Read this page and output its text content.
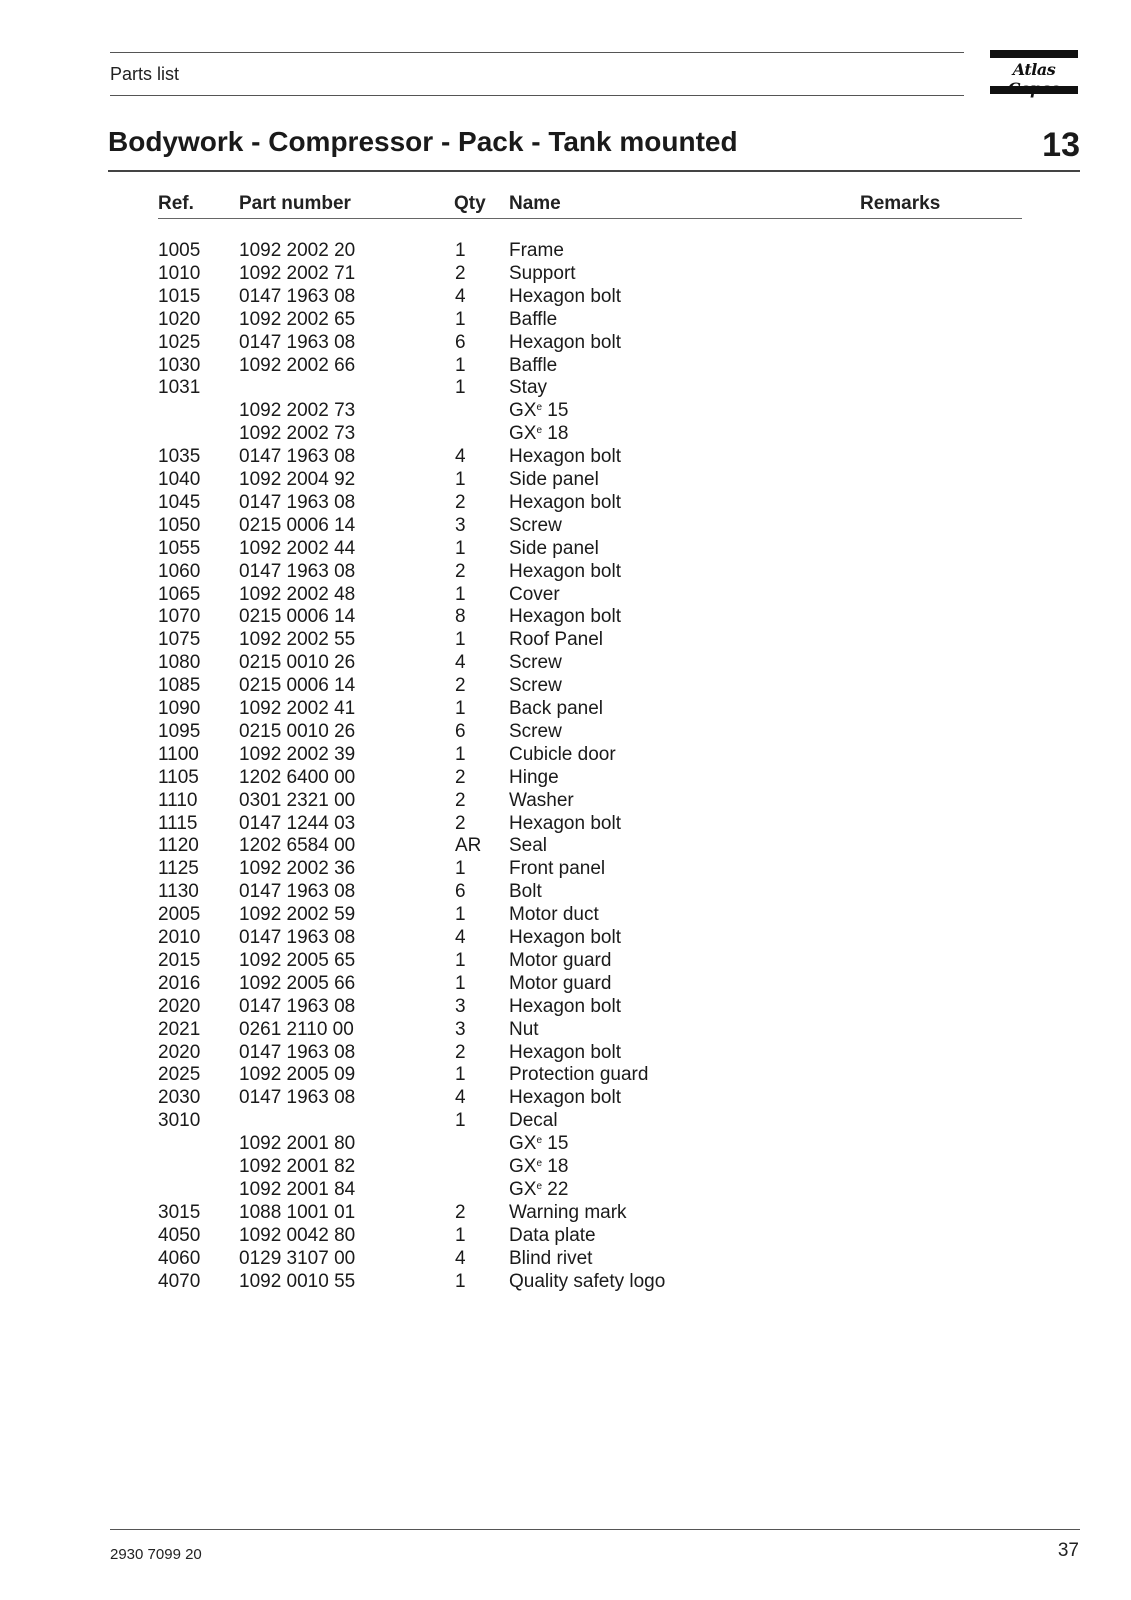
Parts list	Atlas
Bodywork - Compressor - Pack - Tank mounted	13
Ref. Part number	Qty Name	Remarks
1005 1092 2002 20	1 Frame
1010 1092 2002 71	2 Support
1015 0147 1963 08	4 Hexagon bolt
1020 1092 2002 65	1 Baffle
1025 0147 1963 08	6 Hexagon bolt
1030 1092 2002 66	1 Baffle
1031	1 Stay
1092 2002 73	$GX^e$ 15
1092 2002 73	$GX^e$ 18
1035 0147 1963 08	4 Hexagon bolt
1040 1092 2004 92	1 Side panel
1045 0147 1963 08	2 Hexagon bolt
1050 0215 0006 14	3 Screw
1055 1092 2002 44	1 Side panel
1060 0147 1963 08	2 Hexagon bolt
1065 1092 2002 48	1 Cover
1070 0215 0006 14	8 Hexagon bolt
1075 1092 2002 55	1 Roof Panel
1080 0215 0010 26	4 Screw
1085 0215 0006 14	2 Screw
1090 1092 2002 41	1 Back panel
1095 0215 0010 26	6 Screw
1100 1092 2002 39	1 Cubicle door
1105 1202 6400 00	2 Hinge
1110 0301 2321 00	2 Washer
1115 0147 1244 03	2 Hexagon bolt
1120 1202 6584 00	AR Seal
1125 1092 2002 36	1 Front panel
1130 0147 1963 08	6 Bolt
2005 1092 2002 59	1 Motor duct
2010 0147 1963 08	4 Hexagon bolt
2015 1092 2005 65	1 Motor guard
2016 1092 2005 66	1 Motor guard
2020 0147 1963 08	3 Hexagon bolt
2021 0261 2110 00	3 Nut
2020 0147 1963 08	2 Hexagon bolt
2025 1092 2005 09	1 Protection guard
2030 0147 1963 08	4 Hexagon bolt
3010	1 Decal
1092 2001 80	$GX^e$ 15
1092 2001 82	$GX^e$ 18
1092 2001 84	$GX^e$ 22
3015 1088 1001 01	2 Warning mark
4050 1092 0042 80	1 Data plate
4060 0129 3107 00	4 Blind rivet
4070 1092 0010 55	1 Quality safety logo
2930 7099 20	37
